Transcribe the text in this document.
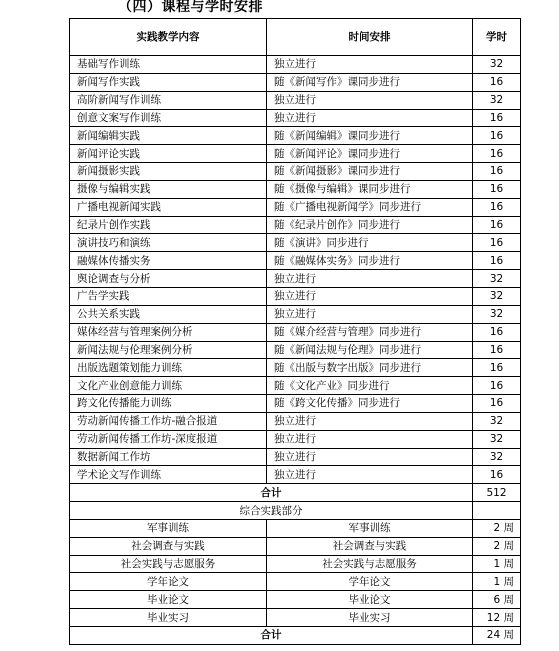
（四）课程与学时安排
实践教学内容	时间安排	学时
基础写作训练	独立进行	32
新闻写作实践	随《新闻写作》课同步进行	16
高阶新闻写作训练	独立进行	32
创意文案写作训练	独立进行	16
新闻编辑实践	随《新闻编辑》课同步进行	16
新闻评论实践	随《新闻评论》课同步进行	16
新闻摄影实践	随《新闻摄影》课同步进行	16
摄像与编辑实践	随《摄像与编辑》课同步进行	16
广播电视新闻实践	随《广播电视新闻学》同步进行	16
纪录片创作实践	随《纪录片创作》同步进行	16
演讲技巧和演练	随《演讲》同步进行	16
融媒体传播实务	随《融媒体实务》同步进行	16
舆论调查与分析	独立进行	32
广告学实践	独立进行	32
公共关系实践	独立进行	32
媒体经营与管理案例分析	随《媒介经营与管理》同步进行	16
新闻法规与伦理案例分析	随《新闻法规与伦理》同步进行	16
出版选题策划能力训练	随《出版与数字出版》同步进行	16
文化产业创意能力训练	随《文化产业》同步进行	16
跨文化传播能力训练	随《跨文化传播》同步进行	16
劳动新闻传播工作坊-融合报道	独立进行	32
劳动新闻传播工作坊-深度报道	独立进行	32
数据新闻工作坊	独立进行	32
学术论文写作训练	独立进行	16
合计		512
综合实践部分		
军事训练	军事训练	2 周
社会调查与实践	社会调查与实践	2 周
社会实践与志愿服务	社会实践与志愿服务	1 周
学年论文	学年论文	1 周
毕业论文	毕业论文	6 周
毕业实习	毕业实习	12 周
合计		24 周
